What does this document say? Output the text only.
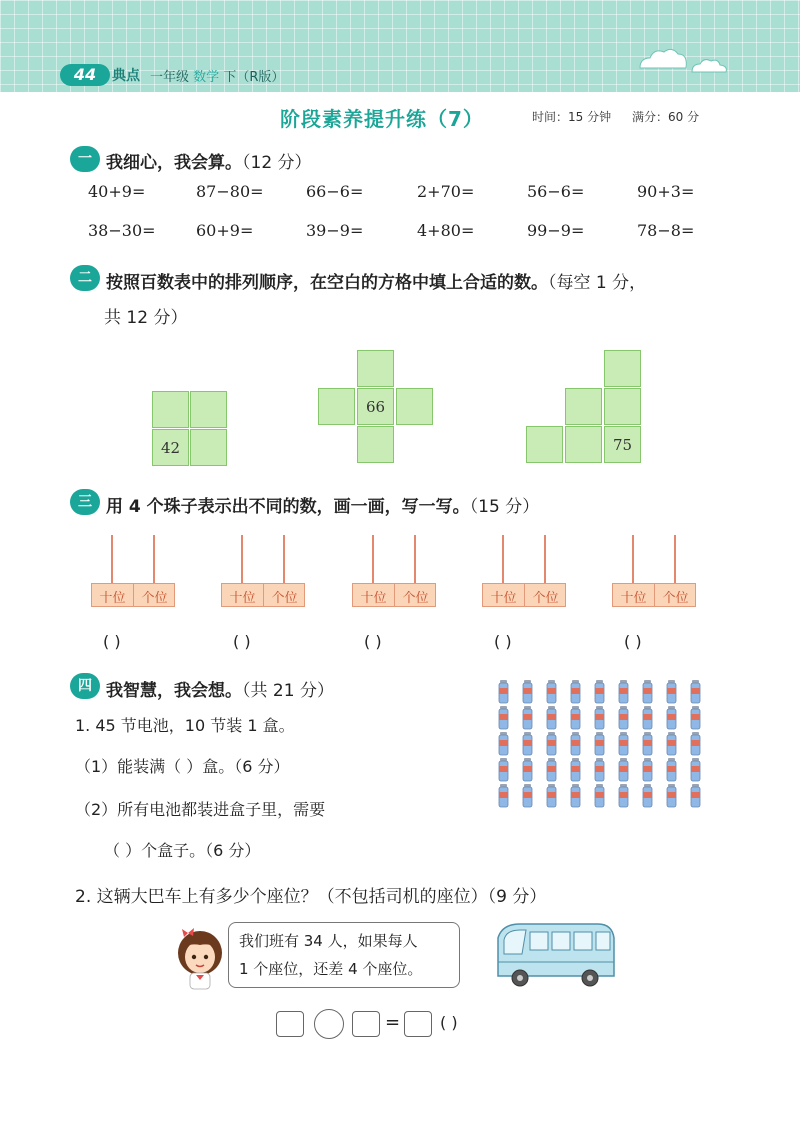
44	典点 一年级 数学 下（R版）
阶段素养提升练（7）	时间：15 分钟 满分：60 分
一 我细心，我会算。（12 分）
40+9=	87−80=	66−6=	2+70=	56−6=	90+3=
38−30=	60+9=	39−9=	4+80=	99−9=	78−8=
二 按照百数表中的排列顺序，在空白的方格中填上合适的数。（每空 1 分，
共 12 分）
42
66
75
三 用 4 个珠子表示出不同的数，画一画，写一写。（15 分）
十位	个位	十位	个位	十位	个位	十位	个位	十位	个位
( )	( )	( )	( )	( )
四 我智慧，我会想。（共 21 分）
1. 45 节电池，10 节装 1 盒。
（1）能装满（ ）盒。（6 分）
（2）所有电池都装进盒子里，需要
（ ）个盒子。（6 分）
2. 这辆大巴车上有多少个座位？（不包括司机的座位）（9 分）
我们班有 34 人，如果每人
1 个座位，还差 4 个座位。
= ( )
